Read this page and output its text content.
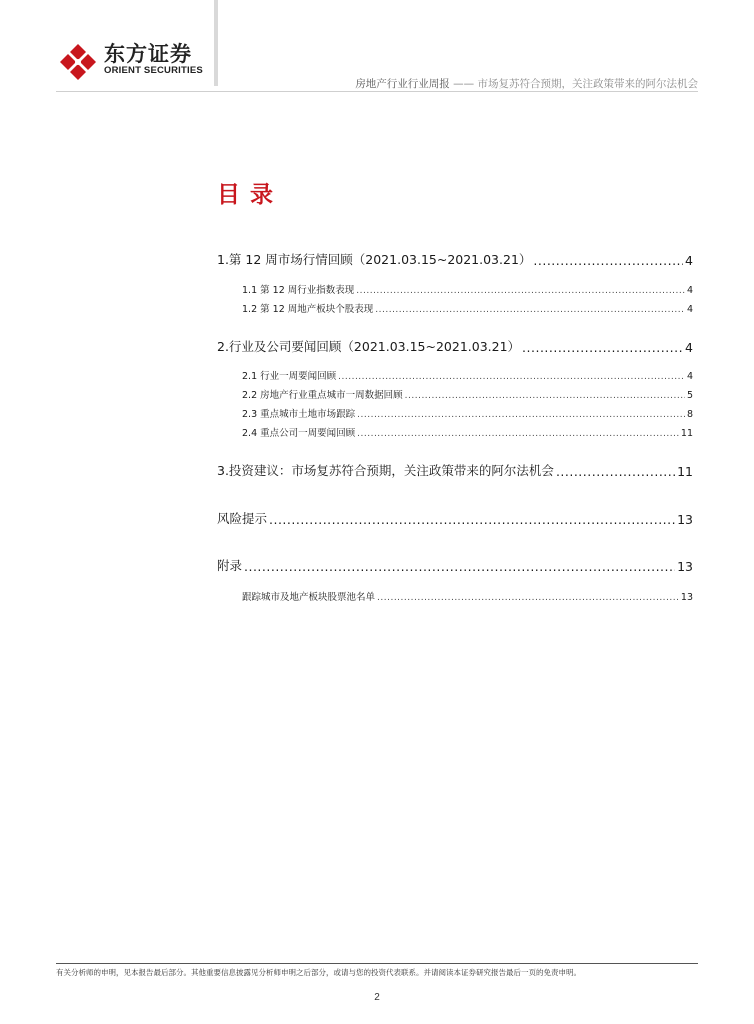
东方证券
ORIENT SECURITIES
房地产行业行业周报 —— 市场复苏符合预期，关注政策带来的阿尔法机会
目录
1.第 12 周市场行情回顾（2021.03.15~2021.03.21） .....	4
1.1 第 12 周行业指数表现 .....	4
1.2 第 12 周地产板块个股表现 .....	4
2.行业及公司要闻回顾（2021.03.15~2021.03.21） .....	4
2.1 行业一周要闻回顾 .....	4
2.2 房地产行业重点城市一周数据回顾 .....	5
2.3 重点城市土地市场跟踪 .....	8
2.4 重点公司一周要闻回顾 .....	11
3.投资建议：市场复苏符合预期，关注政策带来的阿尔法机会 .....	11
风险提示 .....	13
附录 .....	13
跟踪城市及地产板块股票池名单 .....	13
有关分析师的申明，见本报告最后部分。其他重要信息披露见分析师申明之后部分，或请与您的投资代表联系。并请阅读本证券研究报告最后一页的免责申明。
2
